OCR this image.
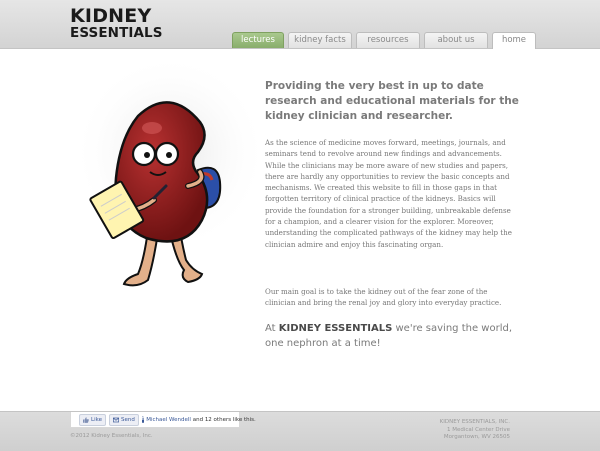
KIDNEY
ESSENTIALS	lectures	kidney facts	resources	about us	home

Providing the very best in up to date research and educational materials for the kidney clinician and researcher.

As the science of medicine moves forward, meetings, journals, and seminars tend to revolve around new findings and advancements. While the clinicians may be more aware of new studies and papers, there are hardly any opportunities to review the basic concepts and mechanisms. We created this website to fill in those gaps in that forgotten territory of clinical practice of the kidneys. Basics will provide the foundation for a stronger building, unbreakable defense for a champion, and a clearer vision for the explorer. Moreover, understanding the complicated pathways of the kidney may help the clinician admire and enjoy this fascinating organ.

Our main goal is to take the kidney out of the fear zone of the clinician and bring the renal joy and glory into everyday practice.

At KIDNEY ESSENTIALS we're saving the world, one nephron at a time!

Like	Send f Michael Wendell and 12 others like this.
©2012 Kidney Essentials, Inc.
KIDNEY ESSENTIALS, INC.
1 Medical Center Drive
Morgantown, WV 26505
